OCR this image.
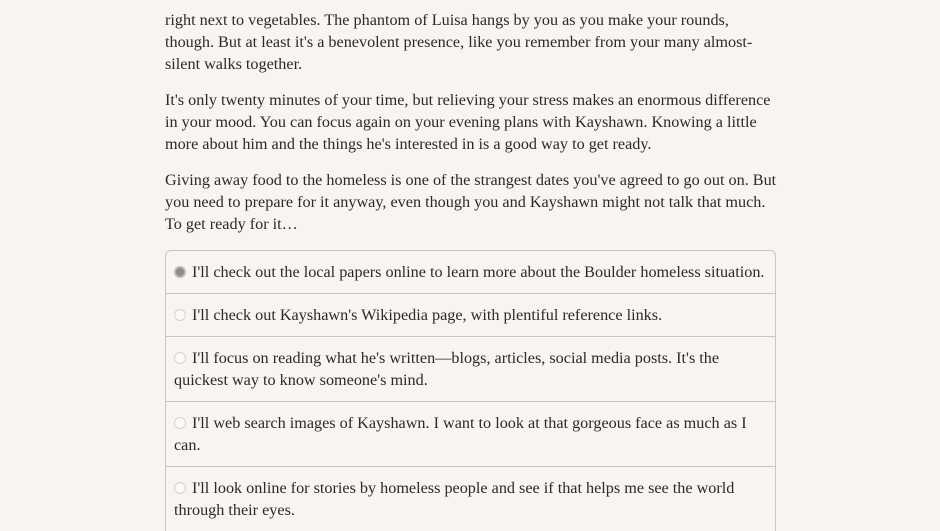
right next to vegetables. The phantom of Luisa hangs by you as you make your rounds, though. But at least it's a benevolent presence, like you remember from your many almost-silent walks together.

It's only twenty minutes of your time, but relieving your stress makes an enormous difference in your mood. You can focus again on your evening plans with Kayshawn. Knowing a little more about him and the things he's interested in is a good way to get ready.

Giving away food to the homeless is one of the strangest dates you've agreed to go out on. But you need to prepare for it anyway, even though you and Kayshawn might not talk that much. To get ready for it…

I'll check out the local papers online to learn more about the Boulder homeless situation.
I'll check out Kayshawn's Wikipedia page, with plentiful reference links.
I'll focus on reading what he's written—blogs, articles, social media posts. It's the quickest way to know someone's mind.
I'll web search images of Kayshawn. I want to look at that gorgeous face as much as I can.
I'll look online for stories by homeless people and see if that helps me see the world through their eyes.
